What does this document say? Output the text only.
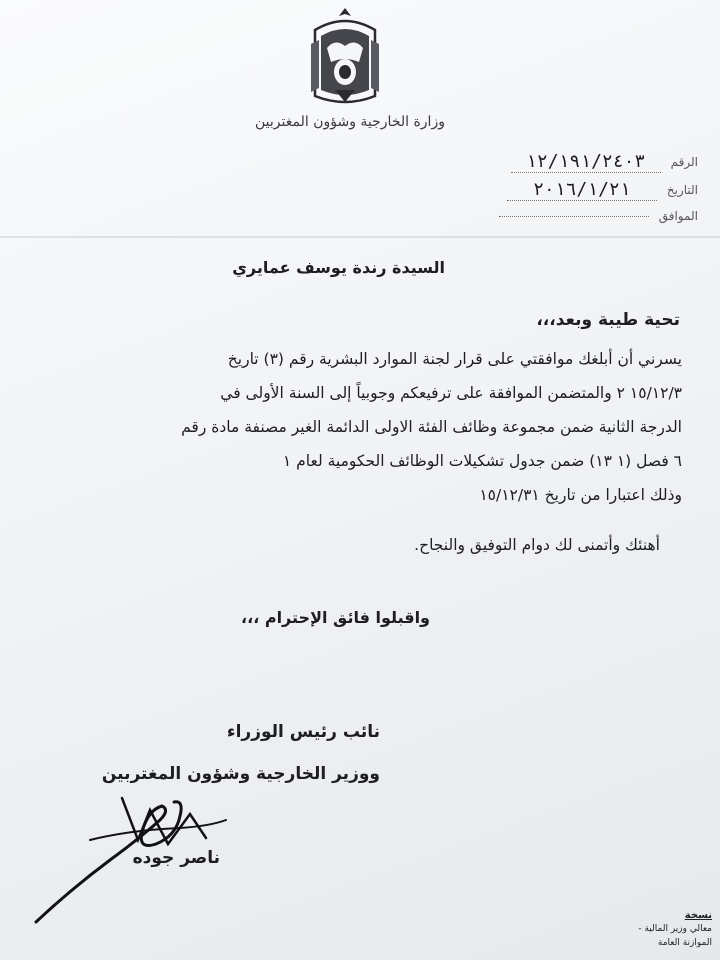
وزارة الخارجية وشؤون المغتربين
الرقم
١٢/١٩١/٢٤٠٣
التاريخ
٢٠١٦/١/٢١
الموافق
السيدة رندة يوسف عمايري
تحية طيبة وبعد،،،
يسرني أن أبلغك موافقتي على قرار لجنة الموارد البشرية رقم (٣) تاريخ
١٥/١٢/٣ ٢ والمتضمن الموافقة على ترفيعكم وجوبياً إلى السنة الأولى في
الدرجة الثانية ضمن مجموعة وظائف الفئة الاولى الدائمة الغير مصنفة مادة رقم
٦ فصل (١ ١٣) ضمن جدول تشكيلات الوظائف الحكومية لعام ١
وذلك اعتبارا من تاريخ ١٥/١٢/٣١
أهنئك وأتمنى لك دوام التوفيق والنجاح.
واقبلوا فائق الإحترام ،،،
نائب رئيس الوزراء
ووزير الخارجية وشؤون المغتربين
ناصر جوده
نسخة
معالي وزير المالية - الموازنة العامة
